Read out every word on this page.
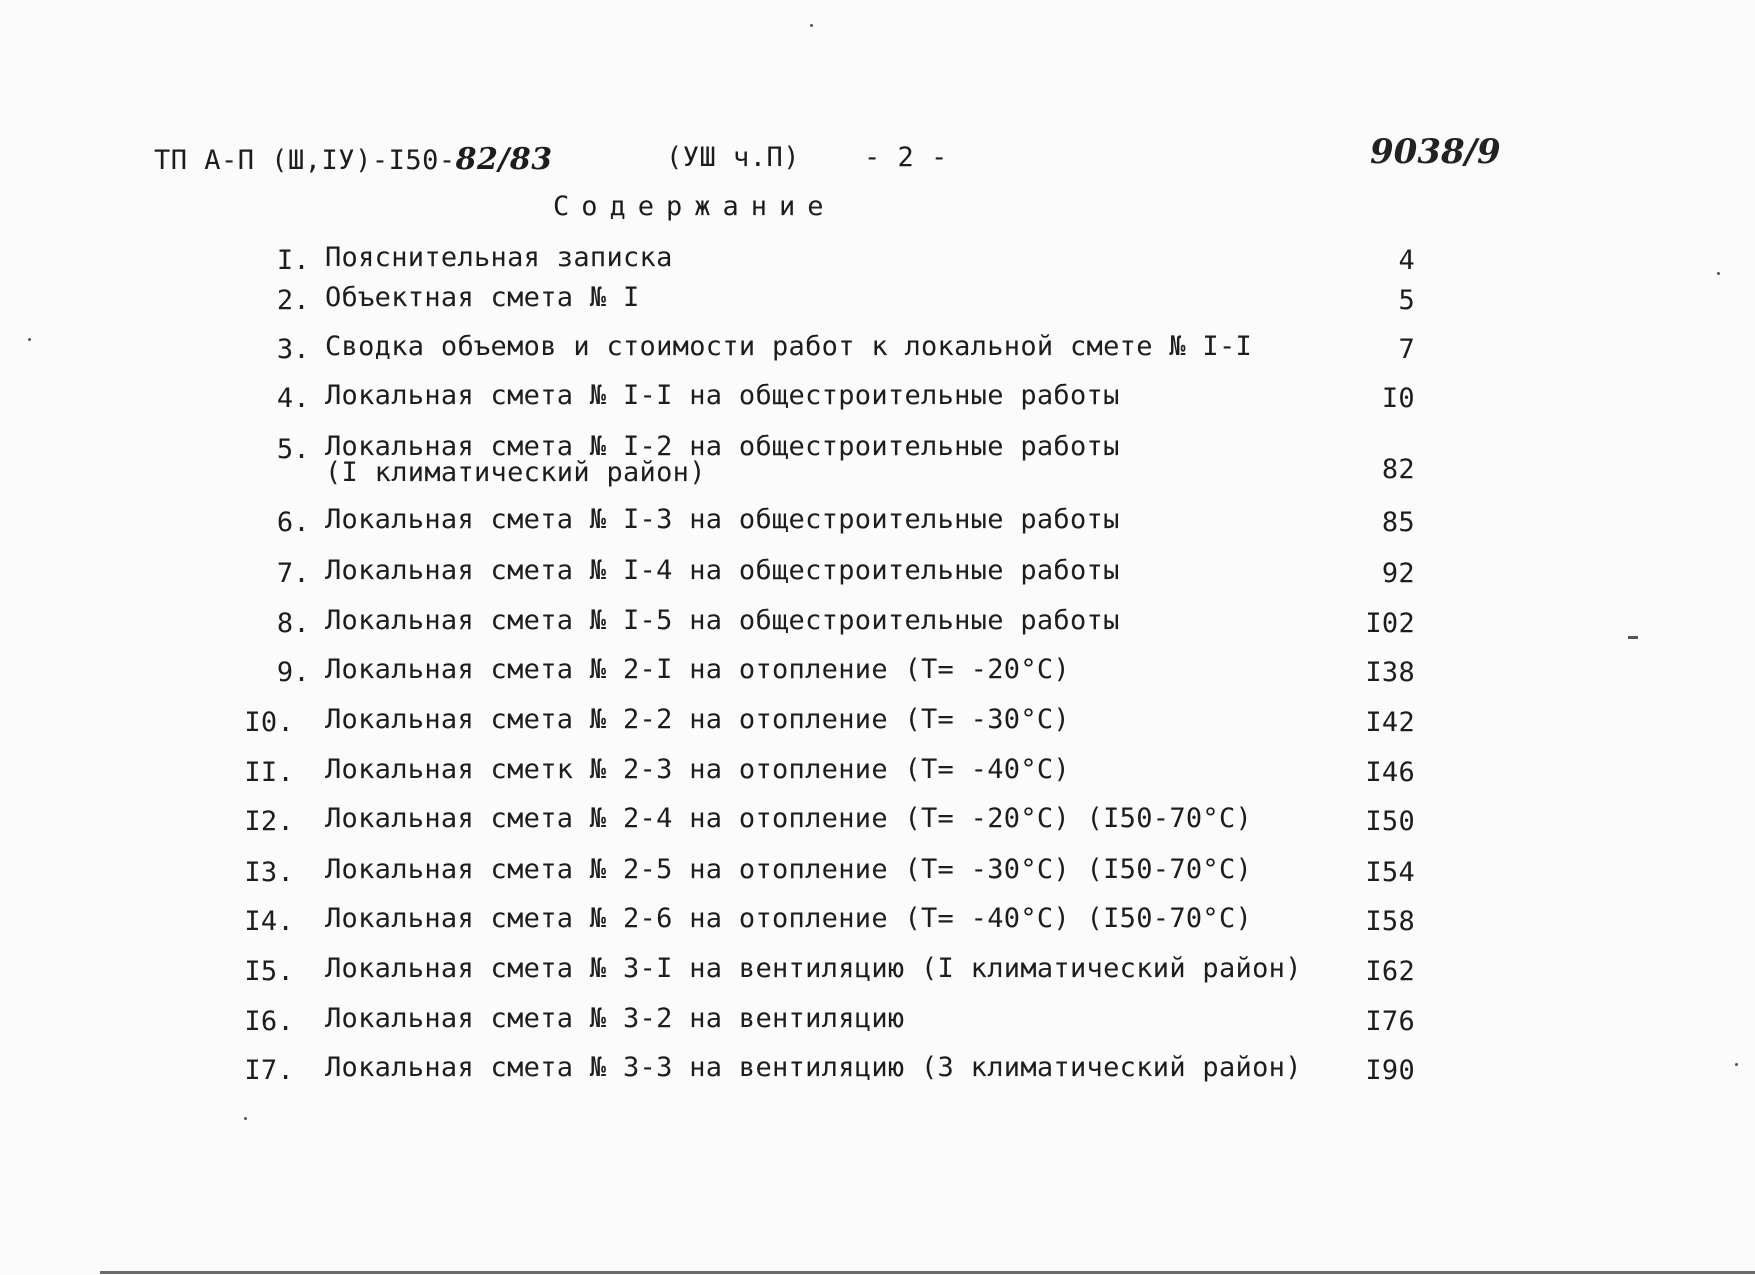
ТП А-П (Ш,IУ)-I50-82/83	(УШ ч.П) - 2 -	9038/9
Содержание
I. Пояснительная записка	4
2. Объектная смета № I	5
3. Сводка объемов и стоимости работ к локальной смете № I-I	7
4. Локальная смета № I-I на общестроительные работы	I0
5. Локальная смета № I-2 на общестроительные работы
(I климатический район)	82
6. Локальная смета № I-3 на общестроительные работы	85
7. Локальная смета № I-4 на общестроительные работы	92
8. Локальная смета № I-5 на общестроительные работы	I02
9. Локальная смета № 2-I на отопление (Т= -20°С)	I38
I0. Локальная смета № 2-2 на отопление (Т= -30°С)	I42
II. Локальная сметк № 2-3 на отопление (Т= -40°С)	I46
I2. Локальная смета № 2-4 на отопление (Т= -20°С) (I50-70°С)	I50
I3. Локальная смета № 2-5 на отопление (Т= -30°С) (I50-70°С)	I54
I4. Локальная смета № 2-6 на отопление (Т= -40°С) (I50-70°С)	I58
I5. Локальная смета № 3-I на вентиляцию (I климатический район)	I62
I6. Локальная смета № 3-2 на вентиляцию	I76
I7. Локальная смета № 3-3 на вентиляцию (3 климатический район)	I90
